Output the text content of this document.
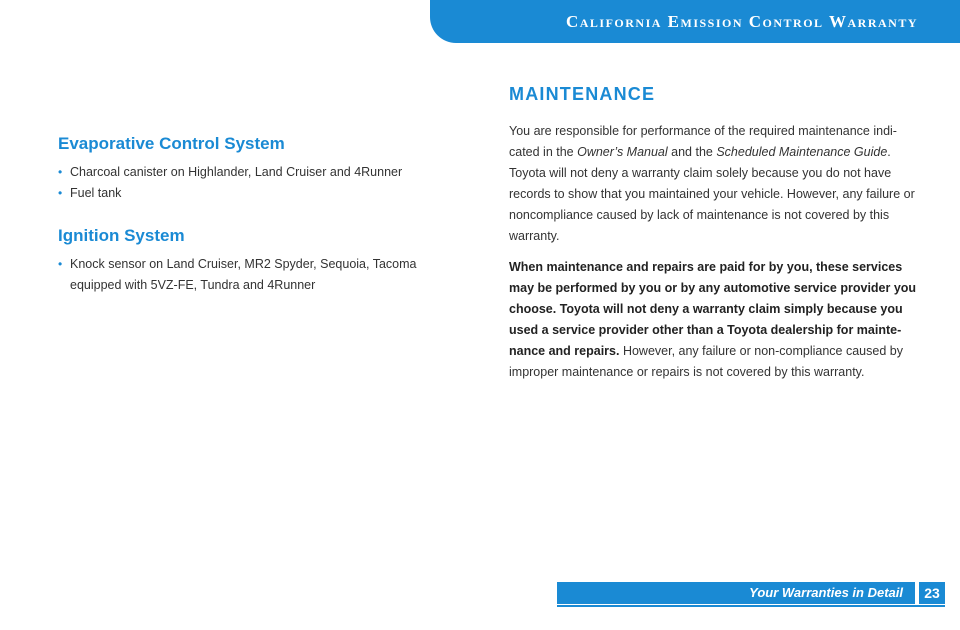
California Emission Control Warranty
Evaporative Control System
• Charcoal canister on Highlander, Land Cruiser and 4Runner
• Fuel tank
Ignition System
• Knock sensor on Land Cruiser, MR2 Spyder, Sequoia, Tacoma equipped with 5VZ-FE, Tundra and 4Runner
MAINTENANCE

You are responsible for performance of the required maintenance indi-cated in the Owner’s Manual and the Scheduled Maintenance Guide. Toyota will not deny a warranty claim solely because you do not have records to show that you maintained your vehicle. However, any failure or noncompliance caused by lack of maintenance is not covered by this warranty.

When maintenance and repairs are paid for by you, these services may be performed by you or by any automotive service provider you choose. Toyota will not deny a warranty claim simply because you used a service provider other than a Toyota dealership for mainte-nance and repairs. However, any failure or non-compliance caused by improper maintenance or repairs is not covered by this warranty.

Your Warranties in Detail	23
